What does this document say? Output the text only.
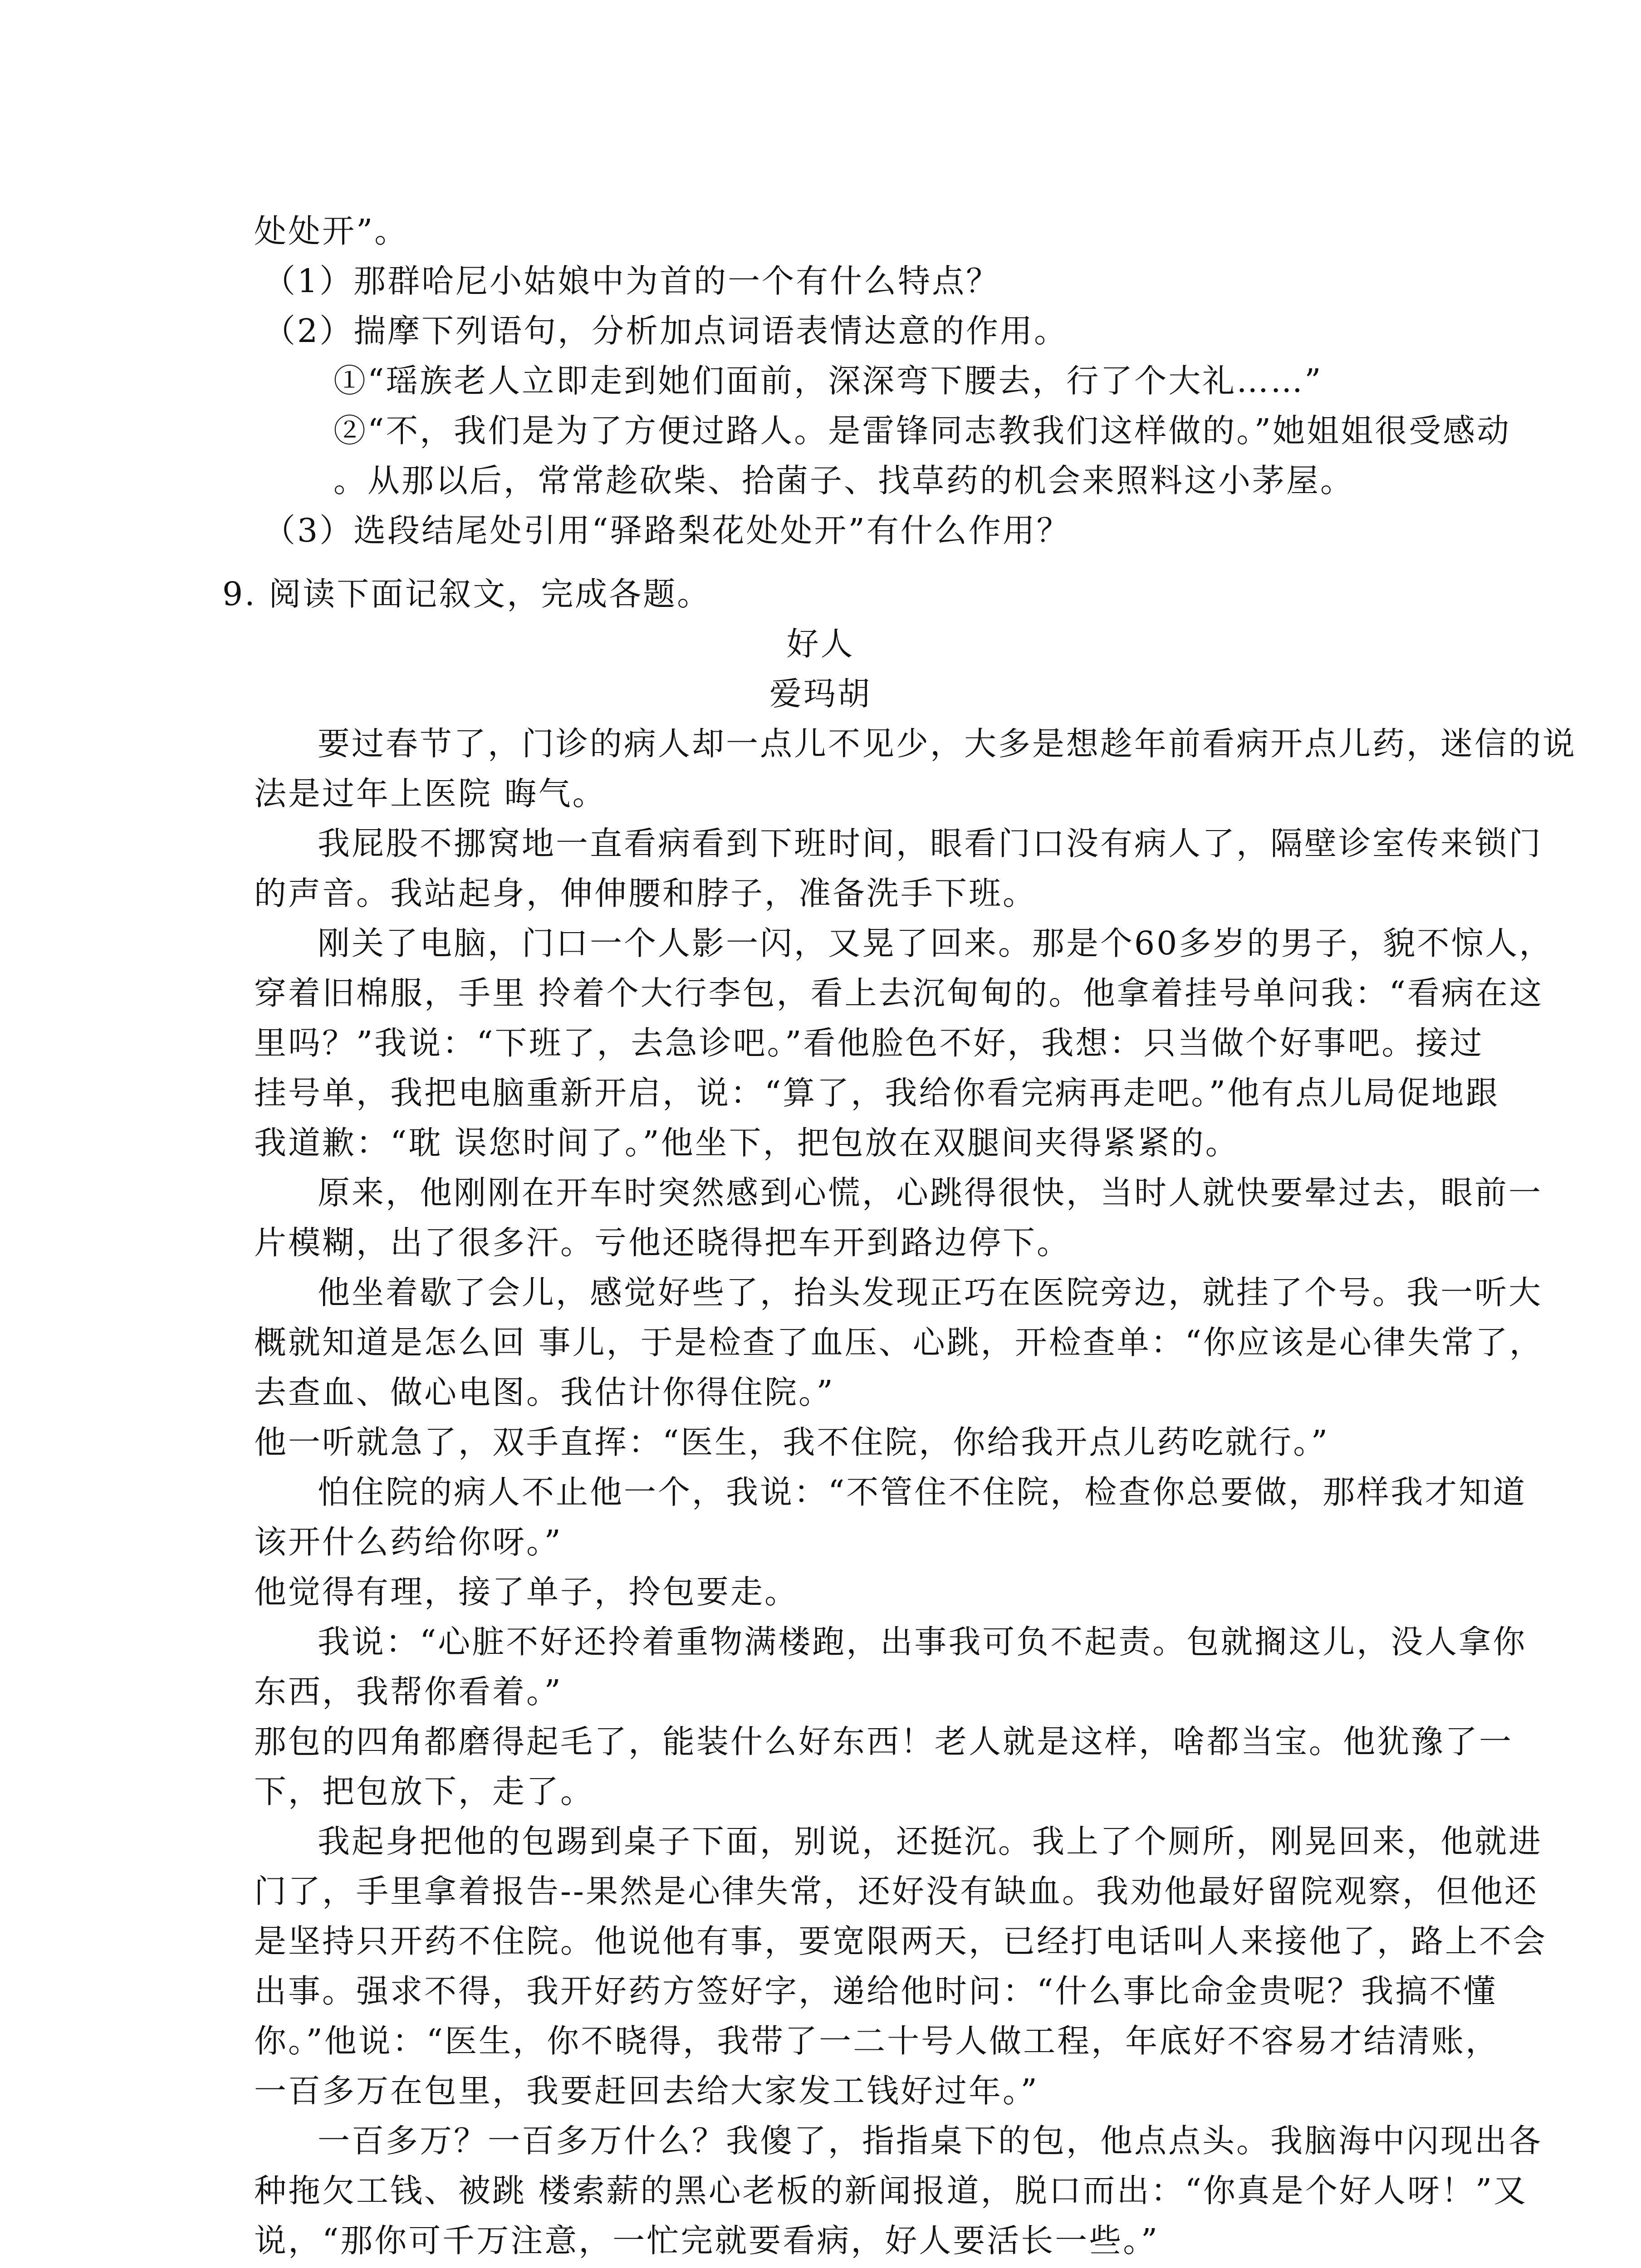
处处开”。

（1）那群哈尼小姑娘中为首的一个有什么特点？

（2）揣摩下列语句，分析加点词语表情达意的作用。

①“瑶族老人立即走到她们面前，深深弯下腰去，行了个大礼……”

②“不，我们是为了方便过路人。是雷锋同志教我们这样做的。”她姐姐很受感动

。从那以后，常常趁砍柴、拾菌子、找草药的机会来照料这小茅屋。

（3）选段结尾处引用“驿路梨花处处开”有什么作用？

9. 阅读下面记叙文，完成各题。

好人

爱玛胡

要过春节了，门诊的病人却一点儿不见少，大多是想趁年前看病开点儿药，迷信的说

法是过年上医院 晦气。

我屁股不挪窝地一直看病看到下班时间，眼看门口没有病人了，隔壁诊室传来锁门

的声音。我站起身，伸伸腰和脖子，准备洗手下班。

刚关了电脑，门口一个人影一闪，又晃了回来。那是个60多岁的男子，貌不惊人，

穿着旧棉服，手里 拎着个大行李包，看上去沉甸甸的。他拿着挂号单问我：“看病在这

里吗？”我说：“下班了，去急诊吧。”看他脸色不好，我想：只当做个好事吧。接过

挂号单，我把电脑重新开启，说：“算了，我给你看完病再走吧。”他有点儿局促地跟

我道歉：“耽 误您时间了。”他坐下，把包放在双腿间夹得紧紧的。

原来，他刚刚在开车时突然感到心慌，心跳得很快，当时人就快要晕过去，眼前一

片模糊，出了很多汗。亏他还晓得把车开到路边停下。

他坐着歇了会儿，感觉好些了，抬头发现正巧在医院旁边，就挂了个号。我一听大

概就知道是怎么回 事儿，于是检查了血压、心跳，开检查单：“你应该是心律失常了，

去查血、做心电图。我估计你得住院。”

他一听就急了，双手直挥：“医生，我不住院，你给我开点儿药吃就行。”

怕住院的病人不止他一个，我说：“不管住不住院，检查你总要做，那样我才知道

该开什么药给你呀。”

他觉得有理，接了单子，拎包要走。

我说：“心脏不好还拎着重物满楼跑，出事我可负不起责。包就搁这儿，没人拿你

东西，我帮你看着。”

那包的四角都磨得起毛了，能装什么好东西！老人就是这样，啥都当宝。他犹豫了一

下，把包放下，走了。

我起身把他的包踢到桌子下面，别说，还挺沉。我上了个厕所，刚晃回来，他就进

门了，手里拿着报告--果然是心律失常，还好没有缺血。我劝他最好留院观察，但他还

是坚持只开药不住院。他说他有事，要宽限两天，已经打电话叫人来接他了，路上不会

出事。强求不得，我开好药方签好字，递给他时问：“什么事比命金贵呢？我搞不懂

你。”他说：“医生，你不晓得，我带了一二十号人做工程，年底好不容易才结清账，

一百多万在包里，我要赶回去给大家发工钱好过年。”

一百多万？一百多万什么？我傻了，指指桌下的包，他点点头。我脑海中闪现出各

种拖欠工钱、被跳 楼索薪的黑心老板的新闻报道，脱口而出：“你真是个好人呀！”又

说，“那你可千万注意，一忙完就要看病，好人要活长一些。”
